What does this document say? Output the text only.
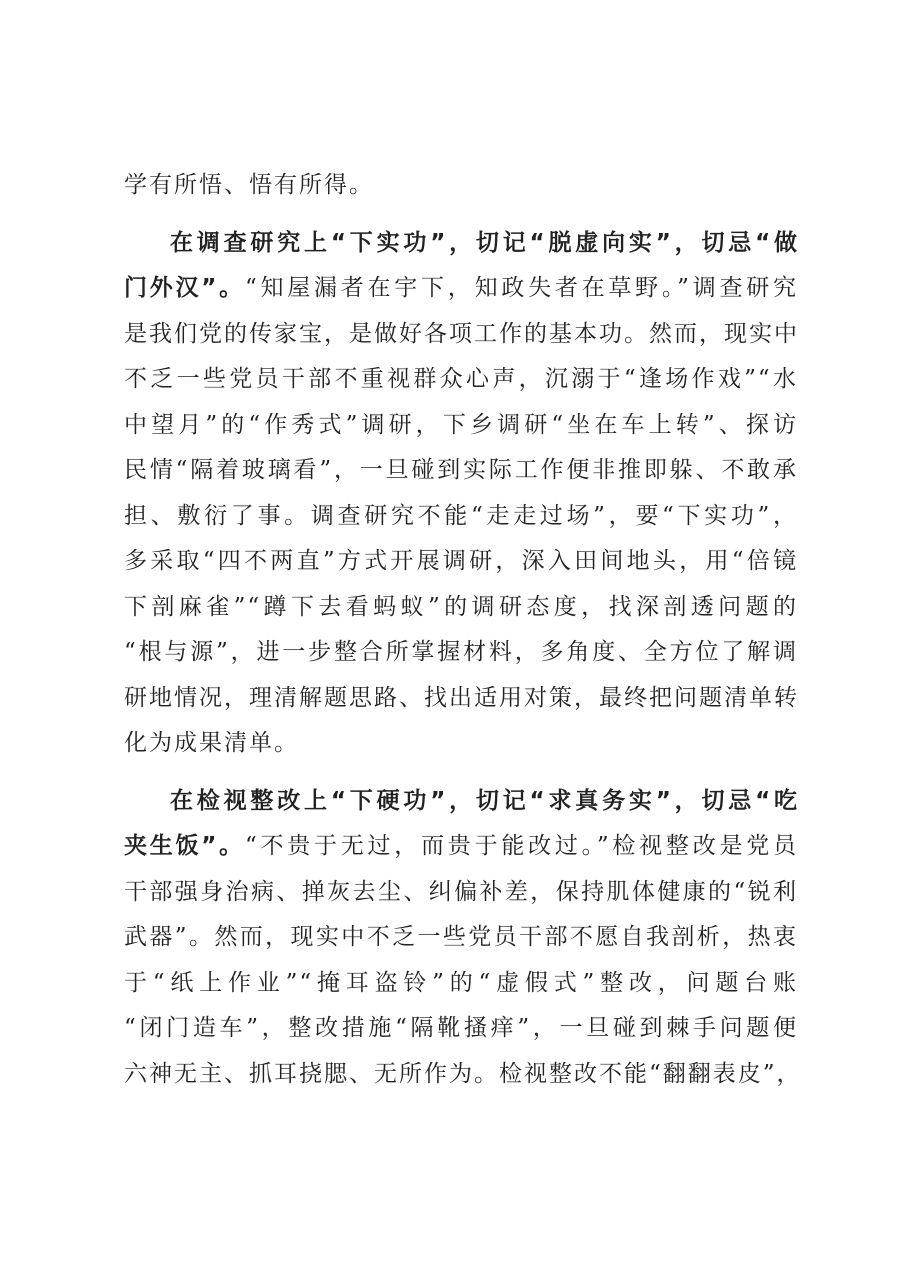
学有所悟、悟有所得。
在调查研究上“下实功”，切记“脱虚向实”，切忌“做
门外汉”。“知屋漏者在宇下，知政失者在草野。”调查研究
是我们党的传家宝，是做好各项工作的基本功。然而，现实中
不乏一些党员干部不重视群众心声，沉溺于“逢场作戏”“水
中望月”的“作秀式”调研，下乡调研“坐在车上转”、探访
民情“隔着玻璃看”，一旦碰到实际工作便非推即躲、不敢承
担、敷衍了事。调查研究不能“走走过场”，要“下实功”，
多采取“四不两直”方式开展调研，深入田间地头，用“倍镜
下剖麻雀”“蹲下去看蚂蚁”的调研态度，找深剖透问题的
“根与源”，进一步整合所掌握材料，多角度、全方位了解调
研地情况，理清解题思路、找出适用对策，最终把问题清单转
化为成果清单。
在检视整改上“下硬功”，切记“求真务实”，切忌“吃
夹生饭”。“不贵于无过，而贵于能改过。”检视整改是党员
干部强身治病、掸灰去尘、纠偏补差，保持肌体健康的“锐利
武器”。然而，现实中不乏一些党员干部不愿自我剖析，热衷
于“纸上作业”“掩耳盗铃”的“虚假式”整改，问题台账
“闭门造车”，整改措施“隔靴搔痒”，一旦碰到棘手问题便
六神无主、抓耳挠腮、无所作为。检视整改不能“翻翻表皮”，
